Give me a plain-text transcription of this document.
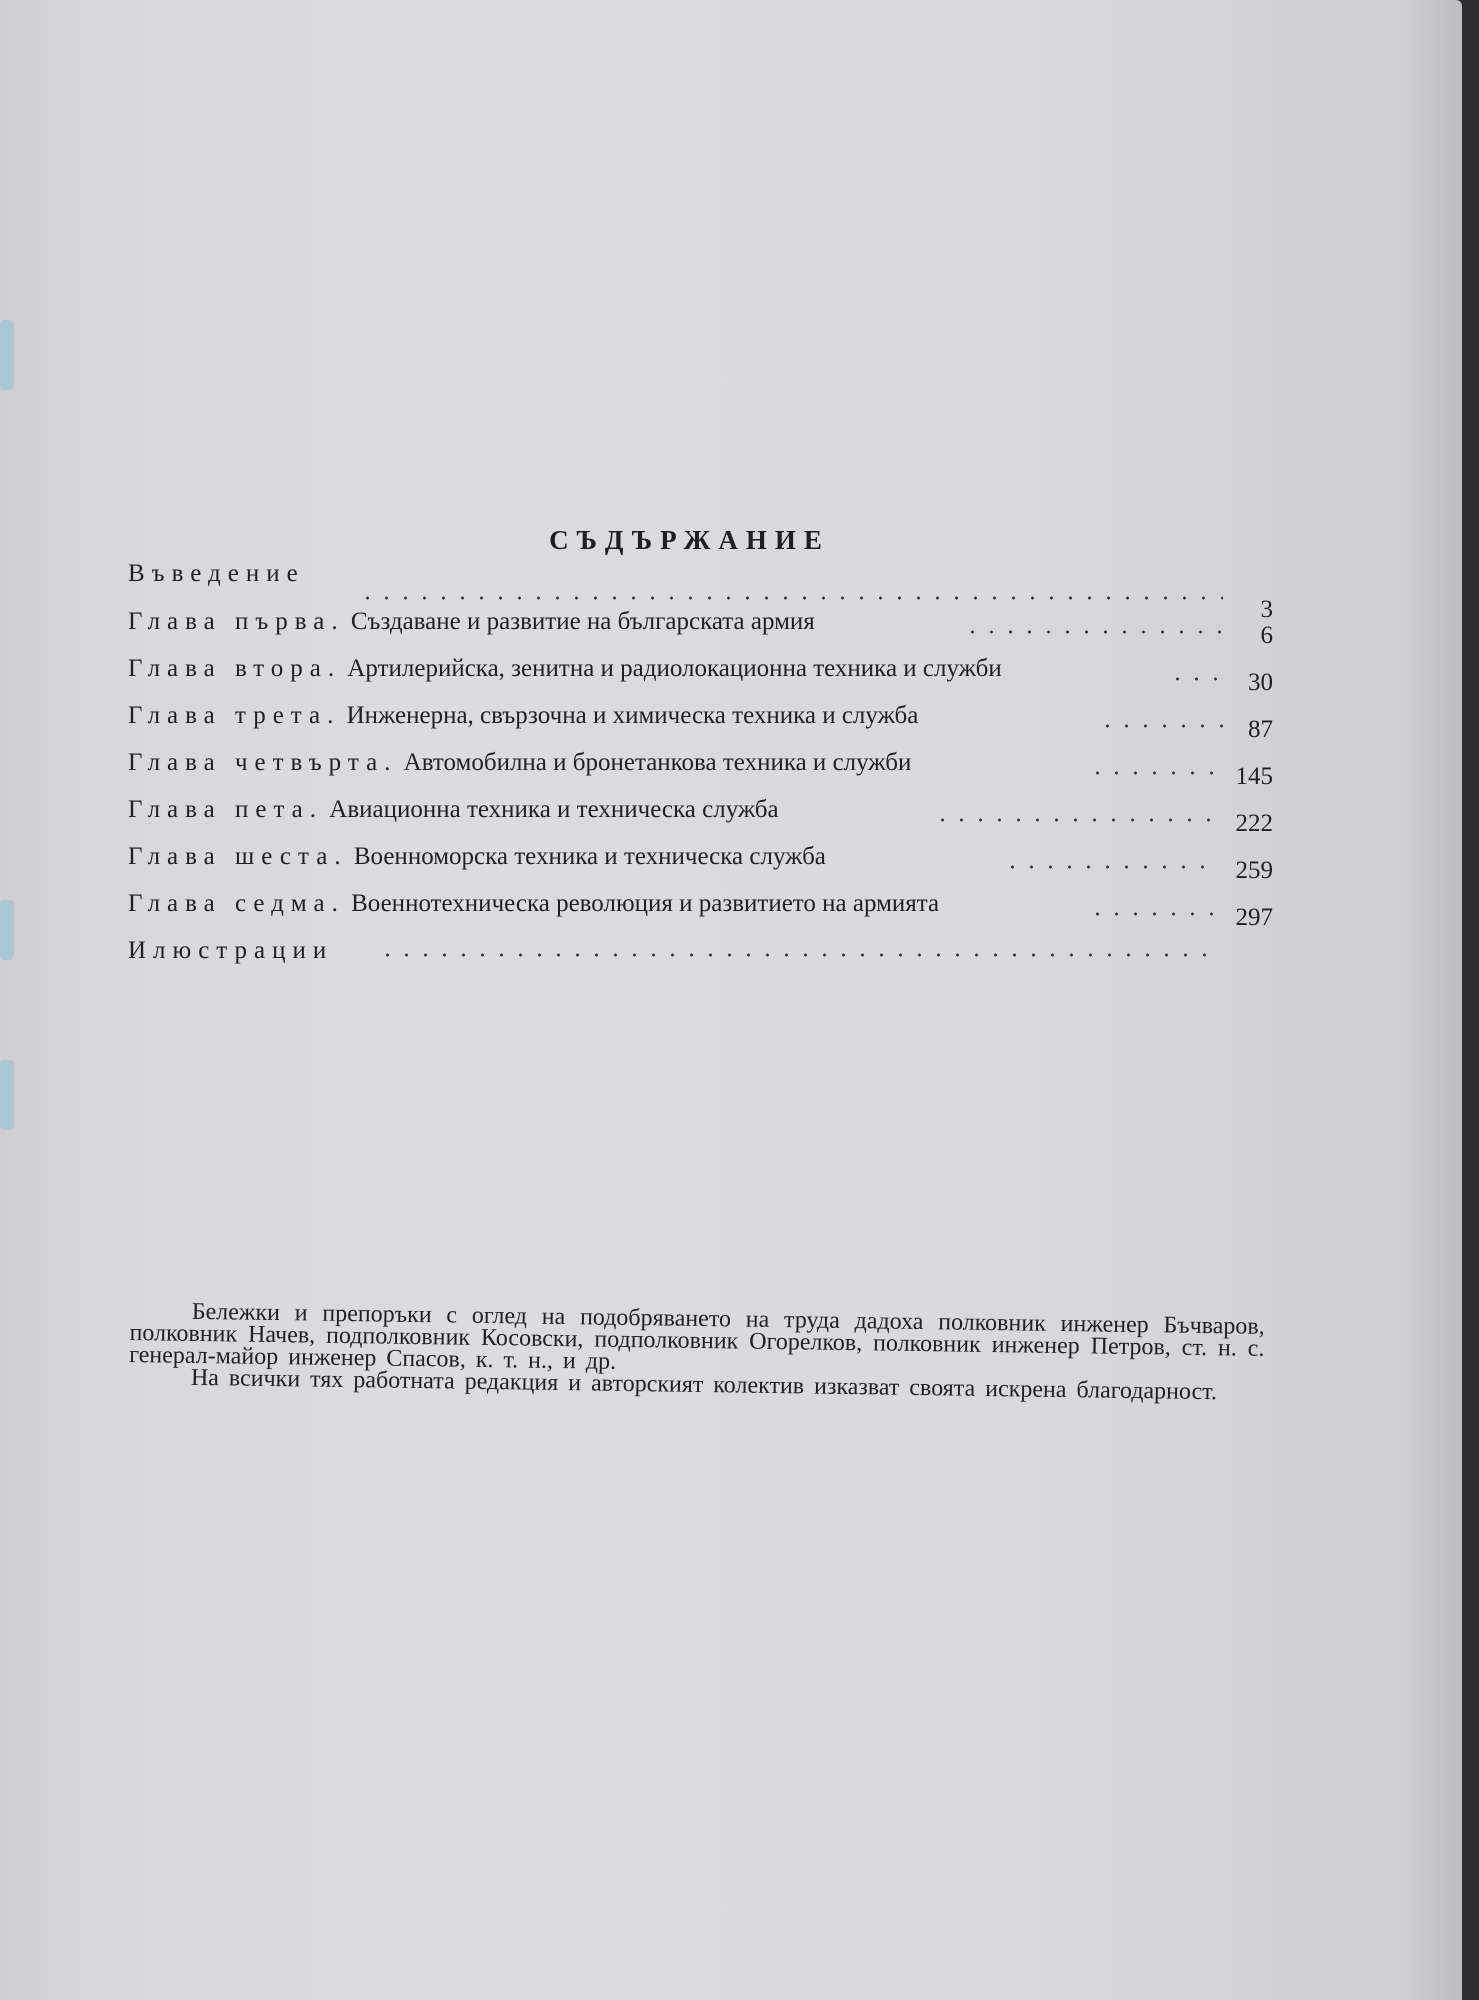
СЪДЪРЖАНИЕ
Въведение
3
Глава първа. Създаване и развитие на българската армия
6
Глава втора. Артилерийска, зенитна и радиолокационна техника и служби
30
Глава трета. Инженерна, свързочна и химическа техника и служба
87
Глава четвърта. Автомобилна и бронетанкова техника и служби
145
Глава пета. Авиационна техника и техническа служба
222
Глава шеста. Военноморска техника и техническа служба
259
Глава седма. Военнотехническа революция и развитието на армията
297
Илюстрации

Бележки и препоръки с оглед на подобряването на труда дадоха полковник инженер Бъчваров, полковник Начев, подполковник Косовски, подполковник Огорелков, полковник инженер Петров, ст. н. с. генерал-майор инженер Спасов, к. т. н., и др.

На всички тях работната редакция и авторският колектив изказват своята искрена благодарност.
